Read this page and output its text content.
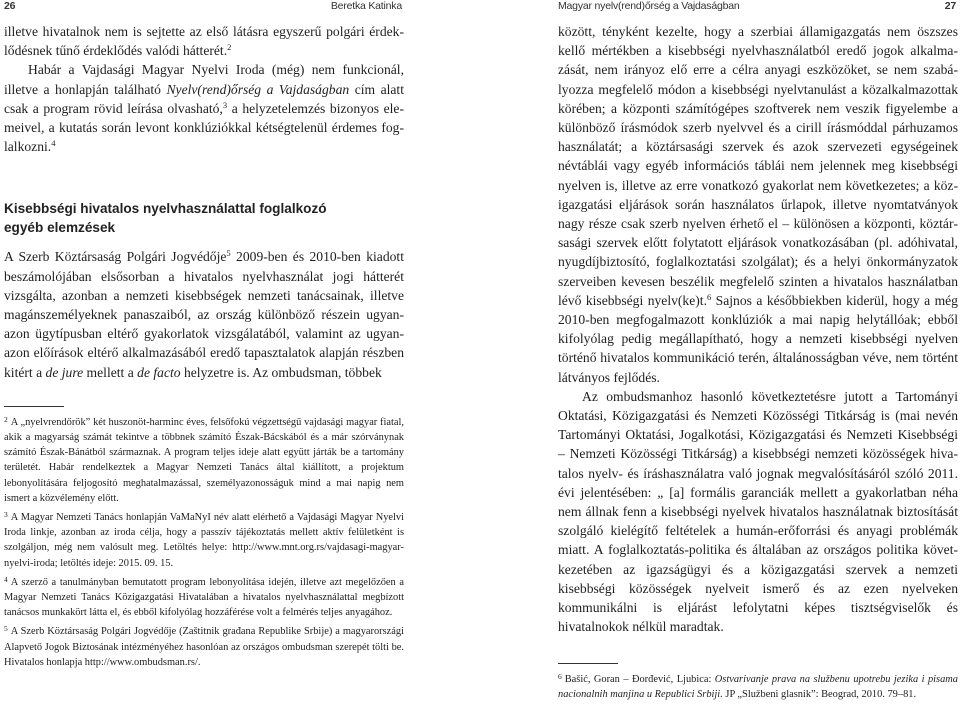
26	Beretka Katinka	Magyar nyelv(rend)őrség a Vajdaságban	27

illetve hivatalnok nem is sejtette az első látásra egyszerű polgári érdeklődésnek tűnő érdeklődés valódi hátterét.$^2$

Habár a Vajdasági Magyar Nyelvi Iroda (még) nem funkcionál, illetve a honlapján található Nyelv(rend)őrség a Vajdaságban cím alatt csak a program rövid leírása olvasható,$^3$ a helyzetelemzés bizonyos elemeivel, a kutatás során levont konklúziókkal kétségtelenül érdemes foglalkozni.$^4$

Kisebbségi hivatalos nyelvhasználattal foglalkozó egyéb elemzések

A Szerb Köztársaság Polgári Jogvédője$^5$ 2009-ben és 2010-ben kiadott beszámolójában elsősorban a hivatalos nyelvhasználat jogi hátterét vizsgálta, azonban a nemzeti kisebbségek nemzeti tanácsainak, illetve magánszemélyeknek panaszaiból, az ország különböző részein ugyanazon ügytípusban eltérő gyakorlatok vizsgálatából, valamint az ugyanazon előírások eltérő alkalmazásából eredő tapasztalatok alapján részben kitért a de jure mellett a de facto helyzetre is. Az ombudsman, többek

$^2$ A „nyelvrendőrök” két huszonöt-harminc éves, felsőfokú végzettségű vajdasági magyar fiatal, akik a magyarság számát tekintve a többnek számító Észak-Bácskából és a már szórványnak számító Észak-Bánátból származnak. A program teljes ideje alatt együtt járták be a tartomány területét. Habár rendelkeztek a Magyar Nemzeti Tanács által kiállított, a projektum lebonyolítására feljogosító meghatalmazással, személyazonosságuk mind a mai napig nem ismert a közvélemény előtt.
$^3$ A Magyar Nemzeti Tanács honlapján VaMaNyI név alatt elérhető a Vajdasági Magyar Nyelvi Iroda linkje, azonban az iroda célja, hogy a passzív tájékoztatás mellett aktív felületként is szolgáljon, még nem valósult meg. Letöltés helye: http://www.mnt.org.rs/vajdasagi-magyar-nyelvi-iroda; letöltés ideje: 2015. 09. 15.
$^4$ A szerző a tanulmányban bemutatott program lebonyolítása idején, illetve azt megelőzően a Magyar Nemzeti Tanács Közigazgatási Hivatalában a hivatalos nyelvhasználattal megbízott tanácsos munkakört látta el, és ebből kifolyólag hozzáférése volt a felmérés teljes anyagához.
$^5$ A Szerb Köztársaság Polgári Jogvédője (Zaštitnik građana Republike Srbije) a magyarországi Alapvető Jogok Biztosának intézményéhez hasonlóan az országos ombudsman szerepét tölti be. Hivatalos honlapja http://www.ombudsman.rs/.

között, tényként kezelte, hogy a szerbiai államigazgatás nem öszszes kellő mértékben a kisebbségi nyelvhasználatból eredő jogok alkalmazását, nem irányoz elő erre a célra anyagi eszközöket, se nem szabályozza megfelelő módon a kisebbségi nyelvtanulást a közalkalmazottak körében; a központi számítógépes szoftverek nem veszik figyelembe a különböző írásmódok szerb nyelvvel és a cirill írásmóddal párhuzamos használatát; a köztársasági szervek és azok szervezeti egységeinek névtáblái vagy egyéb információs táblái nem jelennek meg kisebbségi nyelven is, illetve az erre vonatkozó gyakorlat nem következetes; a közigazgatási eljárások során használatos űrlapok, illetve nyomtatványok nagy része csak szerb nyelven érhető el – különösen a központi, köztársasági szervek előtt folytatott eljárások vonatkozásában (pl. adóhivatal, nyugdíjbiztosító, foglalkoztatási szolgálat); és a helyi önkormányzatok szerveiben kevesen beszélik megfelelő szinten a hivatalos használatban lévő kisebbségi nyelv(ke)t.$^6$ Sajnos a későbbiekben kiderül, hogy a még 2010-ben megfogalmazott konklúziók a mai napig helytállóak; ebből kifolyólag pedig megállapítható, hogy a nemzeti kisebbségi nyelven történő hivatalos kommunikáció terén, általánosságban véve, nem történt látványos fejlődés.

Az ombudsmanhoz hasonló következtetésre jutott a Tartományi Oktatási, Közigazgatási és Nemzeti Közösségi Titkárság is (mai nevén Tartományi Oktatási, Jogalkotási, Közigazgatási és Nemzeti Kisebbségi – Nemzeti Közösségi Titkárság) a kisebbségi nemzeti közösségek hivatalos nyelv- és íráshasználatra való jognak megvalósításáról szóló 2011. évi jelentésében: „ [a] formális garanciák mellett a gyakorlatban néha nem állnak fenn a kisebbségi nyelvek hivatalos használatnak biztosítását szolgáló kielégítő feltételek a humán-erőforrási és anyagi problémák miatt. A foglalkoztatás-politika és általában az országos politika következetében az igazságügyi és a közigazgatási szervek a nemzeti kisebbségi közösségek nyelveit ismerő és az ezen nyelveken kommunikálni is eljárást lefolytatni képes tisztségviselők és hivatalnokok nélkül maradtak.

$^6$ Bašić, Goran – Đorđević, Ljubica: Ostvarivanje prava na službenu upotrebu jezika i pisama nacionalnih manjina u Republici Srbiji. JP „Službeni glasnik”: Beograd, 2010. 79–81.
